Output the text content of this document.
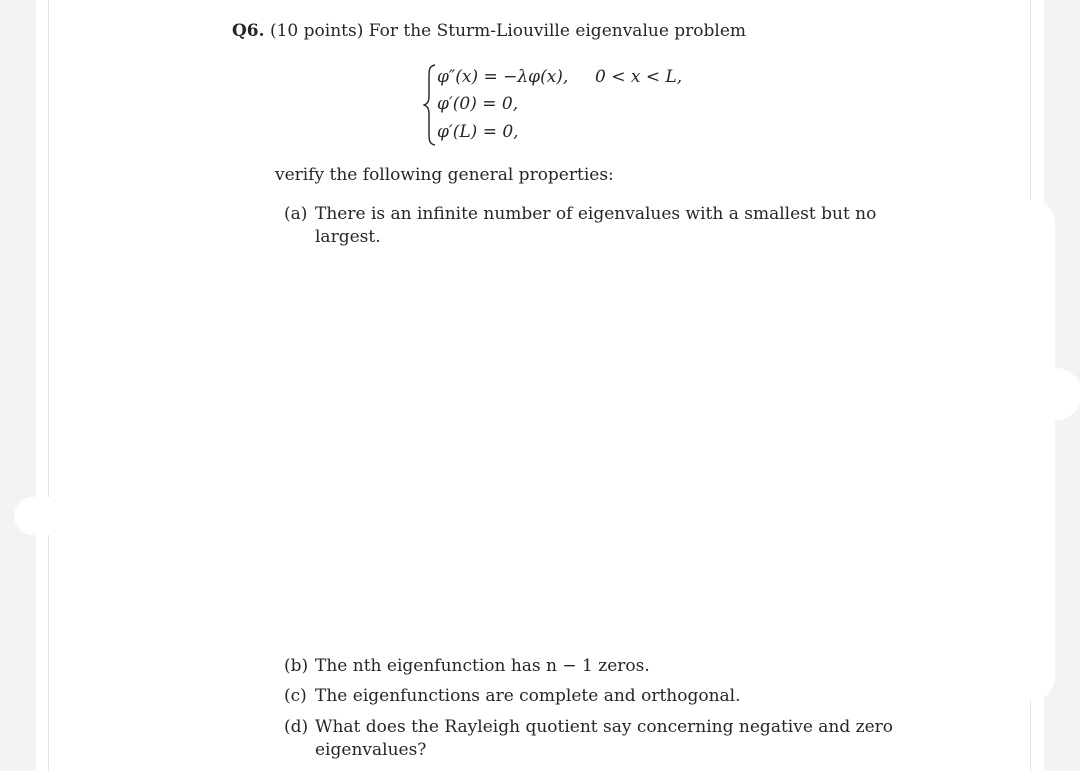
Q6. (10 points) For the Sturm-Liouville eigenvalue problem
φ″(x) = −λφ(x), 0 < x < L,
φ′(0) = 0,
φ′(L) = 0,
verify the following general properties:
(a) There is an infinite number of eigenvalues with a smallest but no
largest.
(b) The nth eigenfunction has n − 1 zeros.
(c) The eigenfunctions are complete and orthogonal.
(d) What does the Rayleigh quotient say concerning negative and zero
eigenvalues?
